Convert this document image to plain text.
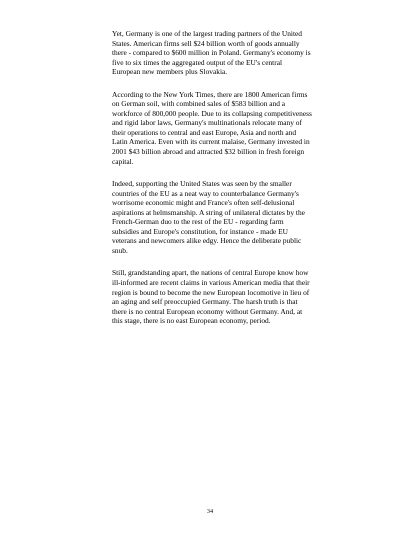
Yet, Germany is one of the largest trading partners of the United States. American firms sell $24 billion worth of goods annually there - compared to $600 million in Poland. Germany's economy is five to six times the aggregated output of the EU's central European new members plus Slovakia.

According to the New York Times, there are 1800 American firms on German soil, with combined sales of $583 billion and a workforce of 800,000 people. Due to its collapsing competitiveness and rigid labor laws, Germany's multinationals relocate many of their operations to central and east Europe, Asia and north and Latin America. Even with its current malaise, Germany invested in 2001 $43 billion abroad and attracted $32 billion in fresh foreign capital.

Indeed, supporting the United States was seen by the smaller countries of the EU as a neat way to counterbalance Germany's worrisome economic might and France's often self-delusional aspirations at helmsmanship. A string of unilateral dictates by the French-German duo to the rest of the EU - regarding farm subsidies and Europe's constitution, for instance - made EU veterans and newcomers alike edgy. Hence the deliberate public snub.

Still, grandstanding apart, the nations of central Europe know how ill-informed are recent claims in various American media that their region is bound to become the new European locomotive in lieu of an aging and self preoccupied Germany. The harsh truth is that there is no central European economy without Germany. And, at this stage, there is no east European economy, period.

34
